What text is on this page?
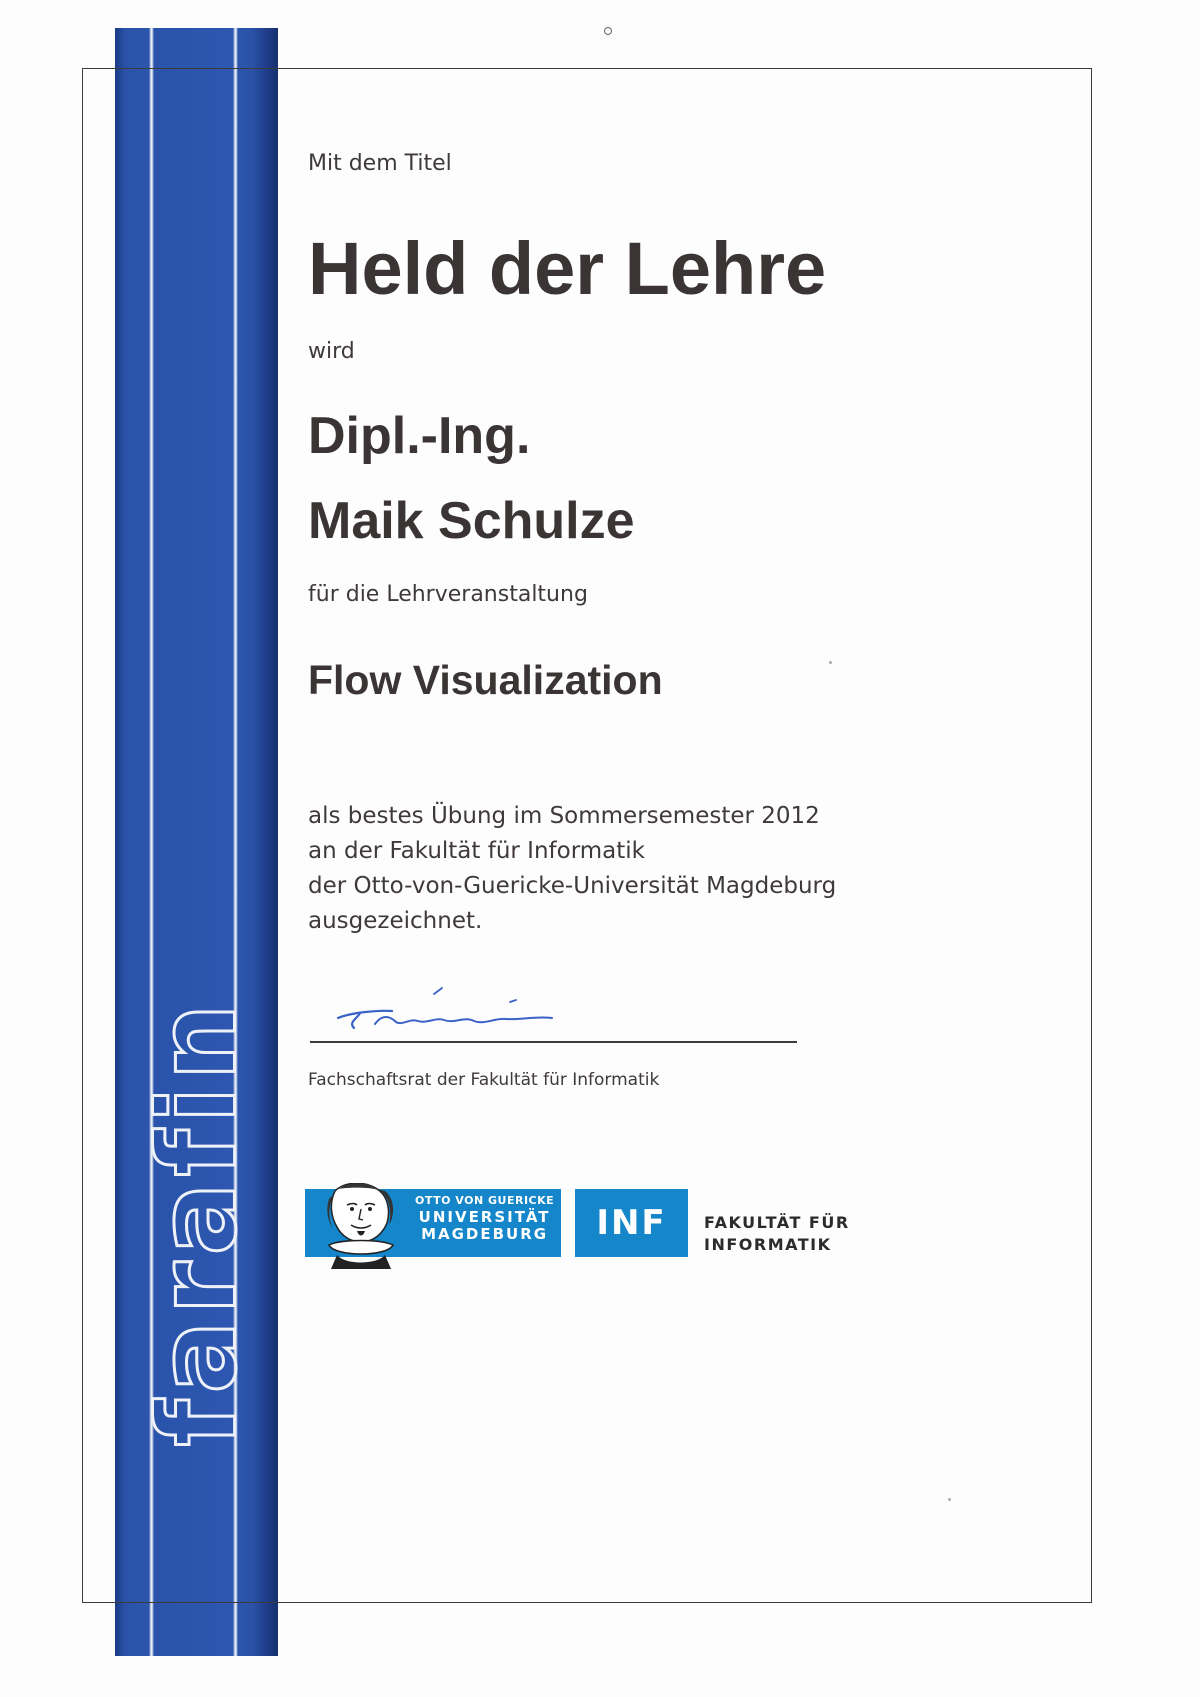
farafin
Mit dem Titel
Held der Lehre
wird
Dipl.-Ing.
Maik Schulze
für die Lehrveranstaltung
Flow Visualization
als bestes Übung im Sommersemester 2012
an der Fakultät für Informatik
der Otto-von-Guericke-Universität Magdeburg
ausgezeichnet.
Fachschaftsrat der Fakultät für Informatik
OTTO VON GUERICKE
UNIVERSITÄT
MAGDEBURG	INF	FAKULTÄT FÜR
INFORMATIK
